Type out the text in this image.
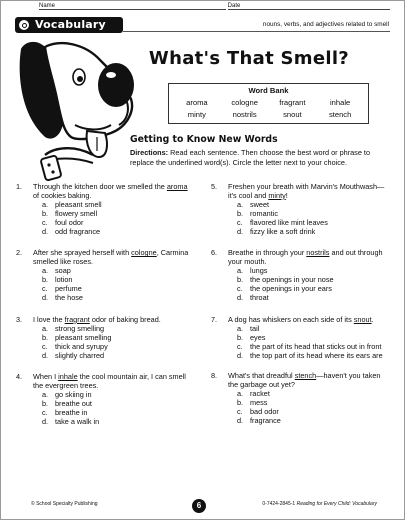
Name	Date
Vocabulary	nouns, verbs, and adjectives related to smell
What's That Smell?
Word Bank
aroma	cologne	fragrant	inhale
minty	nostrils	snout	stench
Getting to Know New Words
Directions: Read each sentence. Then choose the best word or phrase to replace the underlined word(s). Circle the letter next to your choice.
1. Through the kitchen door we smelled the aroma of cookies baking.
a. pleasant smell
b. flowery smell
c. foul odor
d. odd fragrance
2. After she sprayed herself with cologne, Carmina smelled like roses.
a. soap
b. lotion
c. perfume
d. the hose
3. I love the fragrant odor of baking bread.
a. strong smelling
b. pleasant smelling
c. thick and syrupy
d. slightly charred
4. When I inhale the cool mountain air, I can smell the evergreen trees.
a. go skiing in
b. breathe out
c. breathe in
d. take a walk in
5. Freshen your breath with Marvin's Mouthwash—it's cool and minty!
a. sweet
b. romantic
c. flavored like mint leaves
d. fizzy like a soft drink
6. Breathe in through your nostrils and out through your mouth.
a. lungs
b. the openings in your nose
c. the openings in your ears
d. throat
7. A dog has whiskers on each side of its snout.
a. tail
b. eyes
c. the part of its head that sticks out in front
d. the top part of its head where its ears are
8. What's that dreadful stench—haven't you taken the garbage out yet?
a. racket
b. mess
c. bad odor
d. fragrance
© School Specialty Publishing	6	0-7424-2845-1 Reading for Every Child: Vocabulary
